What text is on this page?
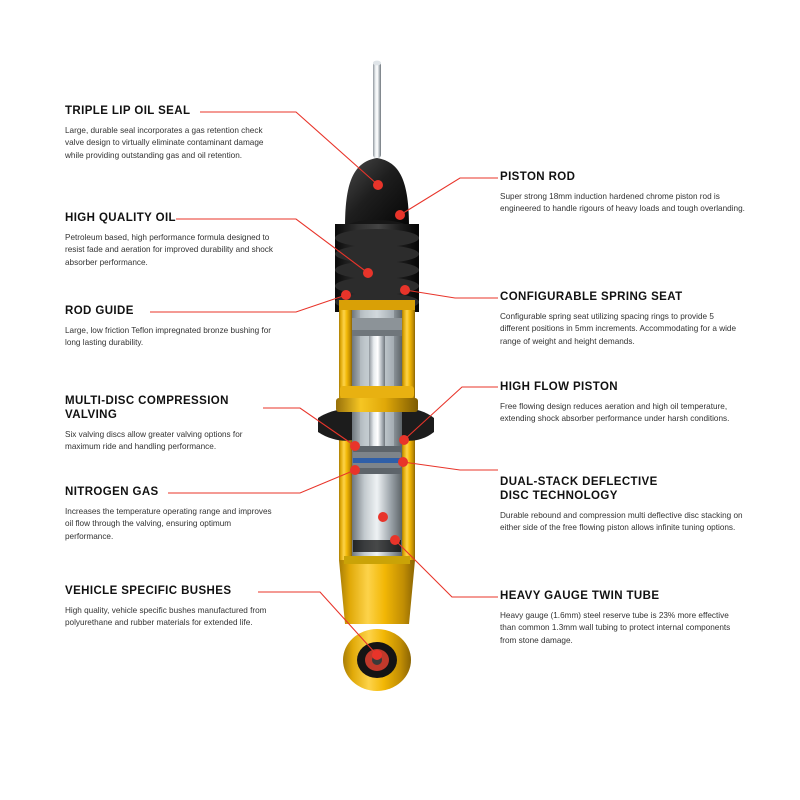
TRIPLE LIP OIL SEAL
Large, durable seal incorporates a gas retention check valve design to virtually eliminate contaminant damage while providing outstanding gas and oil retention.
HIGH QUALITY OIL
Petroleum based, high performance formula designed to resist fade and aeration for improved durability and shock absorber performance.
ROD GUIDE
Large, low friction Teflon impregnated bronze bushing for long lasting durability.
MULTI-DISC COMPRESSION VALVING
Six valving discs allow greater valving options for maximum ride and handling performance.
NITROGEN GAS
Increases the temperature operating range and improves oil flow through the valving, ensuring optimum performance.
VEHICLE SPECIFIC BUSHES
High quality, vehicle specific bushes manufactured from polyurethane and rubber materials for extended life.
PISTON ROD
Super strong 18mm induction hardened chrome piston rod is engineered to handle rigours of heavy loads and tough overlanding.
CONFIGURABLE SPRING SEAT
Configurable spring seat utilizing spacing rings to provide 5 different positions in 5mm increments. Accommodating for a wide range of weight and height demands.
HIGH FLOW PISTON
Free flowing design reduces aeration and high oil temperature, extending shock absorber performance under harsh conditions.
DUAL-STACK DEFLECTIVE DISC TECHNOLOGY
Durable rebound and compression multi deflective disc stacking on either side of the free flowing piston allows infinite tuning options.
HEAVY GAUGE TWIN TUBE
Heavy gauge (1.6mm) steel reserve tube is 23% more effective than common 1.3mm wall tubing to protect internal components from stone damage.
